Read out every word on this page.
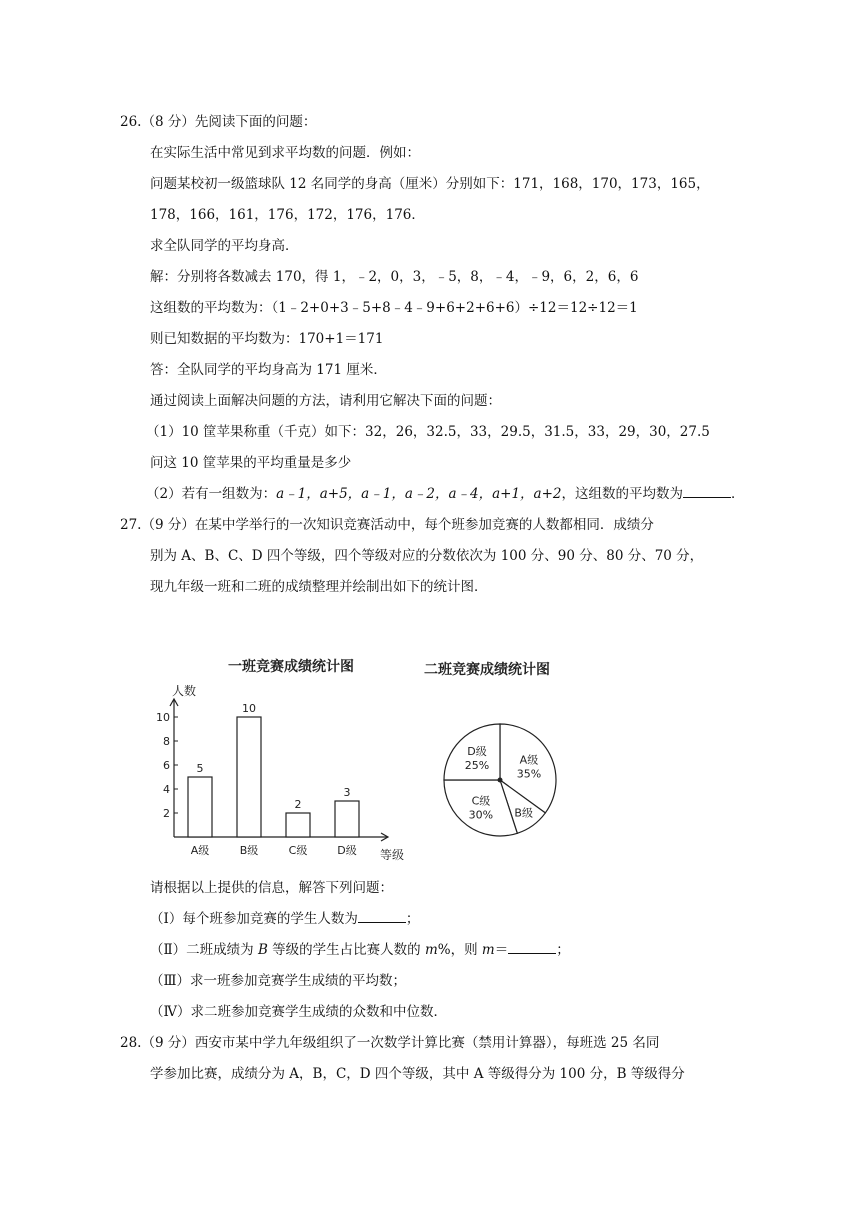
26.（8 分）先阅读下面的问题：
在实际生活中常见到求平均数的问题．例如：
问题某校初一级篮球队 12 名同学的身高（厘米）分别如下：171，168，170，173，165，
178，166，161，176，172，176，176．
求全队同学的平均身高．
解：分别将各数减去 170，得 1，﹣2，0，3，﹣5，8，﹣4，﹣9，6，2，6，6
这组数的平均数为：（1﹣2+0+3﹣5+8﹣4﹣9+6+2+6+6）÷12＝12÷12＝1
则已知数据的平均数为：170+1＝171
答：全队同学的平均身高为 171 厘米．
通过阅读上面解决问题的方法，请利用它解决下面的问题：
（1）10 筐苹果称重（千克）如下：32，26，32.5，33，29.5，31.5，33，29，30，27.5
问这 10 筐苹果的平均重量是多少
（2）若有一组数为：a﹣1，a+5，a﹣1，a﹣2，a﹣4，a+1，a+2，这组数的平均数为	．
27.（9 分）在某中学举行的一次知识竞赛活动中，每个班参加竞赛的人数都相同．成绩分
别为 A、B、C、D 四个等级，四个等级对应的分数依次为 100 分、90 分、80 分、70 分，
现九年级一班和二班的成绩整理并绘制出如下的统计图．
一班竞赛成绩统计图	二班竞赛成绩统计图
人数
等级
2
4
6
8
10
5
A级
10
B级
2
C级
3
D级
A级
35%
B级
C级
30%
D级
25%
请根据以上提供的信息，解答下列问题：
（Ⅰ）每个班参加竞赛的学生人数为	；
（Ⅱ）二班成绩为 B 等级的学生占比赛人数的 m%，则 m＝	；
（Ⅲ）求一班参加竞赛学生成绩的平均数；
（Ⅳ）求二班参加竞赛学生成绩的众数和中位数．
28.（9 分）西安市某中学九年级组织了一次数学计算比赛（禁用计算器），每班选 25 名同
学参加比赛，成绩分为 A，B，C，D 四个等级，其中 A 等级得分为 100 分，B 等级得分
